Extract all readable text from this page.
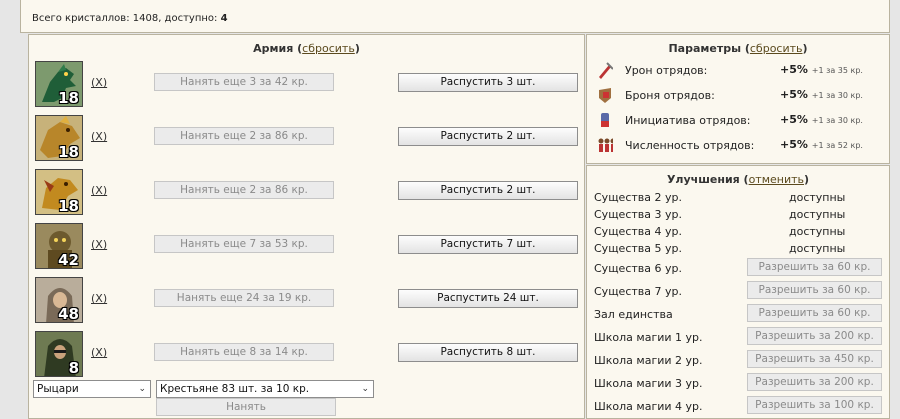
Всего кристаллов: 1408, доступно: 4
Армия (сбросить)
18
(X)	Нанять еще 3 за 42 кр.	Распустить 3 шт.
18
(X)	Нанять еще 2 за 86 кр.	Распустить 2 шт.
18
(X)	Нанять еще 2 за 86 кр.	Распустить 2 шт.
42
(X)	Нанять еще 7 за 53 кр.	Распустить 7 шт.
48
(X)	Нанять еще 24 за 19 кр.	Распустить 24 шт.
8
(X)	Нанять еще 8 за 14 кр.	Распустить 8 шт.
Рыцари	⌄	Крестьяне 83 шт. за 10 кр.	⌄
Нанять
Параметры (сбросить)
Урон отрядов:	+5% +1 за 35 кр.
Броня отрядов:	+5% +1 за 30 кр.
Инициатива отрядов:	+5% +1 за 30 кр.
Численность отрядов: +5% +1 за 52 кр.
Улучшения (отменить)
Существа 2 ур.	доступны
Существа 3 ур.	доступны
Существа 4 ур.	доступны
Существа 5 ур.	доступны
Существа 6 ур.	Разрешить за 60 кр.
Существа 7 ур.	Разрешить за 60 кр.
Зал единства	Разрешить за 60 кр.
Школа магии 1 ур.	Разрешить за 200 кр.
Школа магии 2 ур.	Разрешить за 450 кр.
Школа магии 3 ур.	Разрешить за 200 кр.
Школа магии 4 ур.	Разрешить за 100 кр.
